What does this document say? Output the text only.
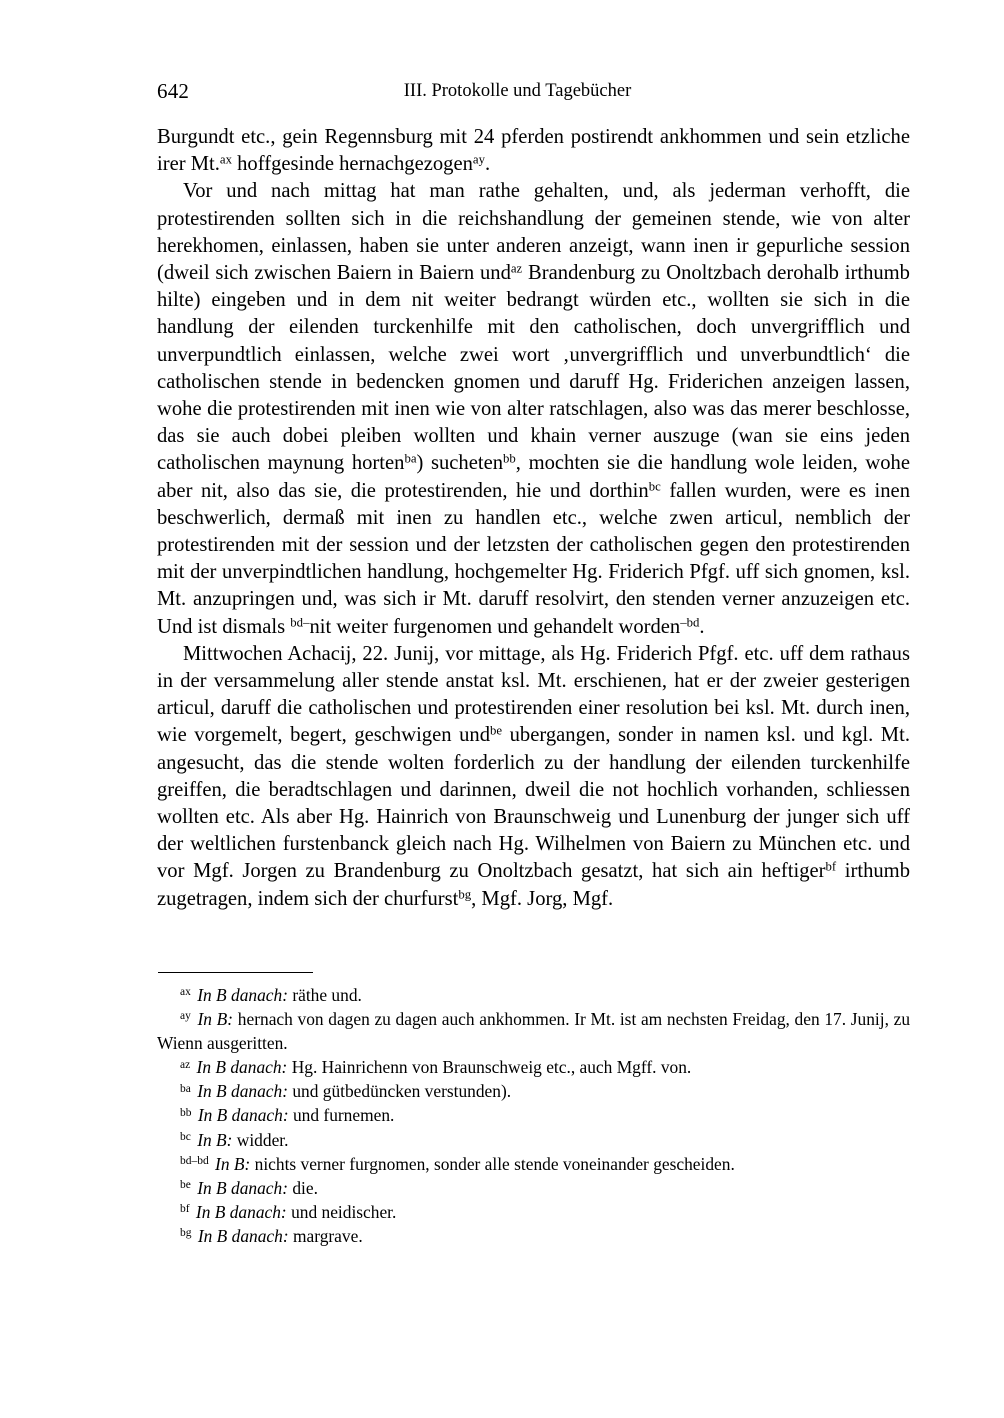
642	III. Protokolle und Tagebücher

Burgundt etc., gein Regennsburg mit 24 pferden postirendt ankhommen und sein etzliche irer Mt.$^{ax}$ hoffgesinde hernachgezogen$^{ay}$.

Vor und nach mittag hat man rathe gehalten, und, als jederman verhofft, die protestirenden sollten sich in die reichshandlung der gemeinen stende, wie von alter herekhomen, einlassen, haben sie unter anderen anzeigt, wann inen ir gepurliche session (dweil sich zwischen Baiern in Baiern und$^{az}$ Brandenburg zu Onoltzbach derohalb irthumb hilte) eingeben und in dem nit weiter bedrangt würden etc., wollten sie sich in die handlung der eilenden turckenhilfe mit den catholischen, doch unvergrifflich und unverpundtlich einlassen, welche zwei wort ‚unvergrifflich und unverbundtlich‘ die catholischen stende in bedencken gnomen und daruff Hg. Friderichen anzeigen lassen, wohe die protestirenden mit inen wie von alter ratschlagen, also was das merer beschlosse, das sie auch dobei pleiben wollten und khain verner auszuge (wan sie eins jeden catholischen maynung horten$^{ba}$) sucheten$^{bb}$, mochten sie die handlung wole leiden, wohe aber nit, also das sie, die protestirenden, hie und dorthin$^{bc}$ fallen wurden, were es inen beschwerlich, dermaß mit inen zu handlen etc., welche zwen articul, nemblich der protestirenden mit der session und der letzsten der catholischen gegen den protestirenden mit der unverpindtlichen handlung, hochgemelter Hg. Friderich Pfgf. uff sich gnomen, ksl. Mt. anzupringen und, was sich ir Mt. daruff resolvirt, den stenden verner anzuzeigen etc. Und ist dismals $^{bd-}$nit weiter furgenomen und gehandelt worden$^{-bd}$.

Mittwochen Achacij, 22. Junij, vor mittage, als Hg. Friderich Pfgf. etc. uff dem rathaus in der versammelung aller stende anstat ksl. Mt. erschienen, hat er der zweier gesterigen articul, daruff die catholischen und protestirenden einer resolution bei ksl. Mt. durch inen, wie vorgemelt, begert, geschwigen und$^{be}$ ubergangen, sonder in namen ksl. und kgl. Mt. angesucht, das die stende wolten forderlich zu der handlung der eilenden turckenhilfe greiffen, die beradtschlagen und darinnen, dweil die not hochlich vorhanden, schliessen wollten etc. Als aber Hg. Hainrich von Braunschweig und Lunenburg der junger sich uff der weltlichen furstenbanck gleich nach Hg. Wilhelmen von Baiern zu München etc. und vor Mgf. Jorgen zu Brandenburg zu Onoltzbach gesatzt, hat sich ain heftiger$^{bf}$ irthumb zugetragen, indem sich der churfurst$^{bg}$, Mgf. Jorg, Mgf.

$^{ax}$ In B danach: räthe und.

$^{ay}$ In B: hernach von dagen zu dagen auch ankhommen. Ir Mt. ist am nechsten Freidag, den 17. Junij, zu Wienn ausgeritten.

$^{az}$ In B danach: Hg. Hainrichenn von Braunschweig etc., auch Mgff. von.

$^{ba}$ In B danach: und gütbedüncken verstunden).

$^{bb}$ In B danach: und furnemen.

$^{bc}$ In B: widder.

$^{bd-bd}$ In B: nichts verner furgnomen, sonder alle stende voneinander gescheiden.

$^{be}$ In B danach: die.

$^{bf}$ In B danach: und neidischer.

$^{bg}$ In B danach: margrave.
